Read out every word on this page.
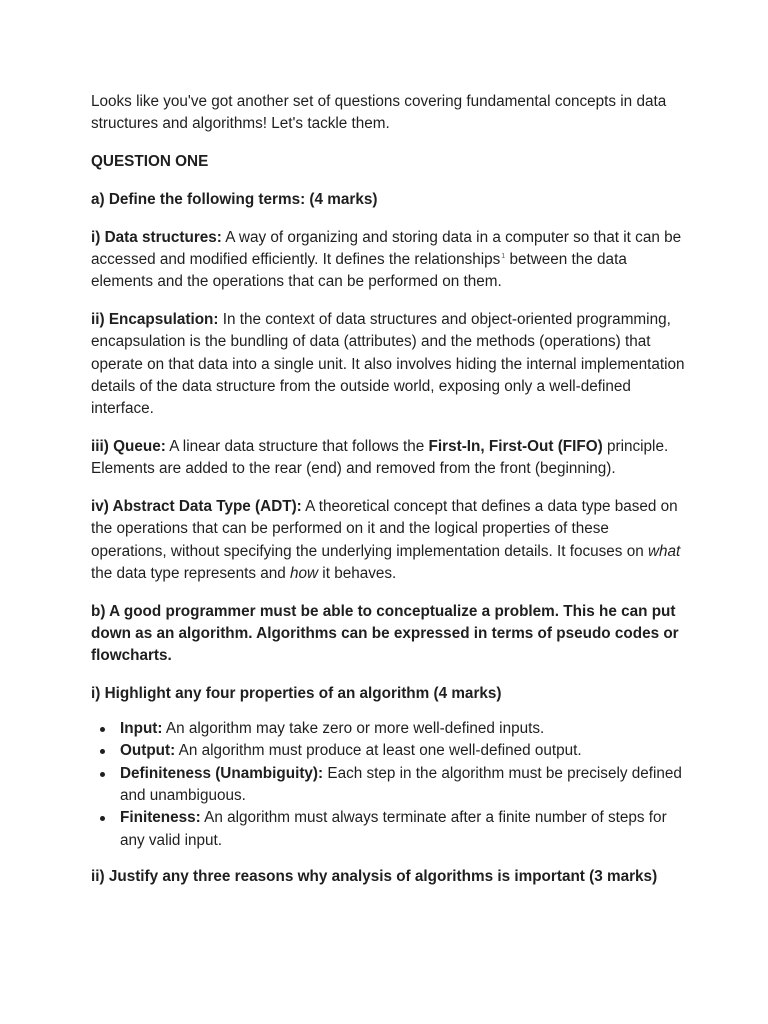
Looks like you've got another set of questions covering fundamental concepts in data structures and algorithms! Let's tackle them.

QUESTION ONE

a) Define the following terms: (4 marks)

i) Data structures: A way of organizing and storing data in a computer so that it can be accessed and modified efficiently. It defines the relationships$^1$ between the data elements and the operations that can be performed on them.

ii) Encapsulation: In the context of data structures and object-oriented programming, encapsulation is the bundling of data (attributes) and the methods (operations) that operate on that data into a single unit. It also involves hiding the internal implementation details of the data structure from the outside world, exposing only a well-defined interface.

iii) Queue: A linear data structure that follows the First-In, First-Out (FIFO) principle. Elements are added to the rear (end) and removed from the front (beginning).

iv) Abstract Data Type (ADT): A theoretical concept that defines a data type based on the operations that can be performed on it and the logical properties of these operations, without specifying the underlying implementation details. It focuses on what the data type represents and how it behaves.

b) A good programmer must be able to conceptualize a problem. This he can put down as an algorithm. Algorithms can be expressed in terms of pseudo codes or flowcharts.

i) Highlight any four properties of an algorithm (4 marks)

Input: An algorithm may take zero or more well-defined inputs.
Output: An algorithm must produce at least one well-defined output.
Definiteness (Unambiguity): Each step in the algorithm must be precisely defined and unambiguous.
Finiteness: An algorithm must always terminate after a finite number of steps for any valid input.

ii) Justify any three reasons why analysis of algorithms is important (3 marks)
